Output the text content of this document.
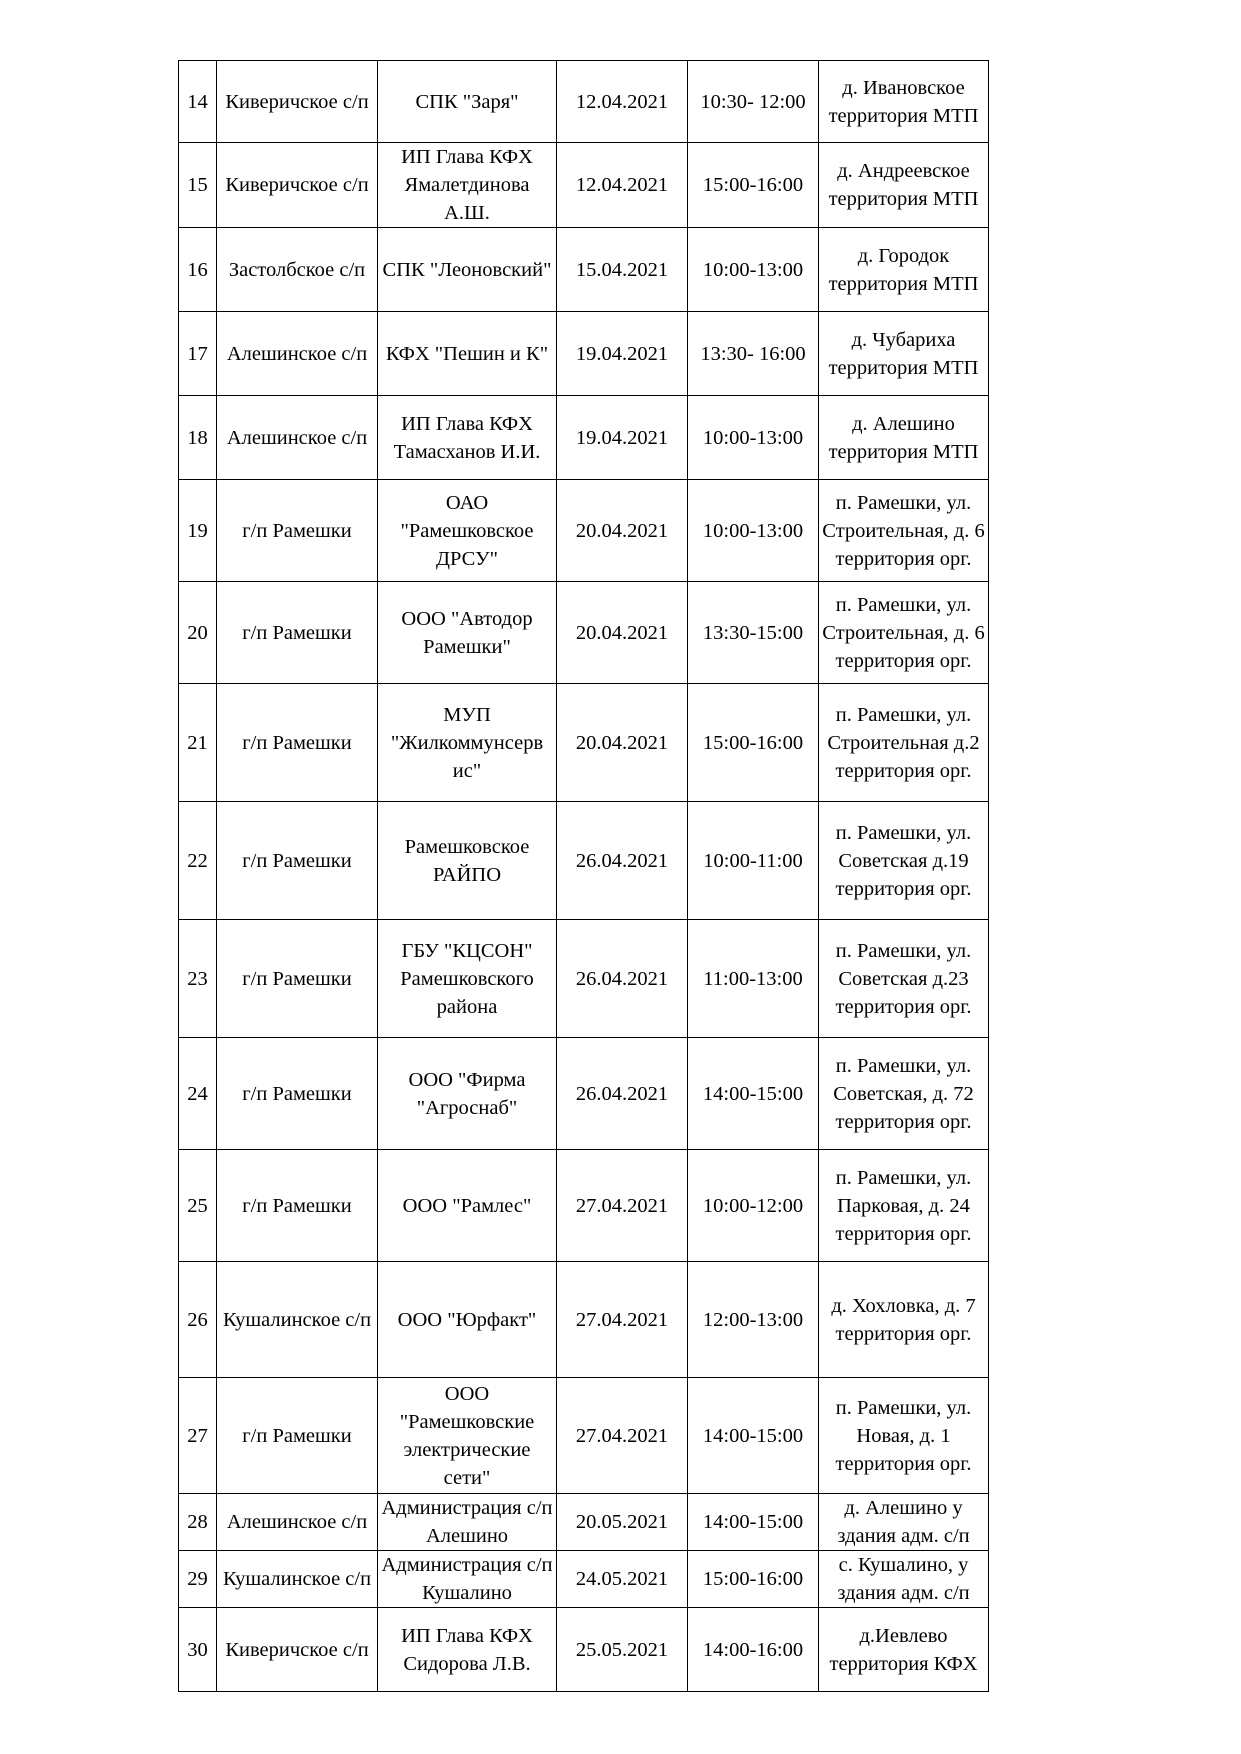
14	Киверичское с/п	СПК "Заря"	12.04.2021	10:30- 12:00	д. Ивановское территория МТП
15	Киверичское с/п	ИП Глава КФХ Ямалетдинова А.Ш.	12.04.2021	15:00-16:00	д. Андреевское территория МТП
16	Застолбское с/п	СПК "Леоновский"	15.04.2021	10:00-13:00	д. Городок территория МТП
17	Алешинское с/п	КФХ "Пешин и К"	19.04.2021	13:30- 16:00	д. Чубариха территория МТП
18	Алешинское с/п	ИП Глава КФХ Тамасханов И.И.	19.04.2021	10:00-13:00	д. Алешино территория МТП
19	г/п Рамешки	ОАО "Рамешковское ДРСУ"	20.04.2021	10:00-13:00	п. Рамешки, ул. Строительная, д. 6 территория орг.

20	г/п Рамешки	ООО "Автодор Рамешки"	20.04.2021	13:30-15:00	п. Рамешки, ул. Строительная, д. 6 территория орг.

21	г/п Рамешки	МУП "Жилкоммунсерв ис"	20.04.2021	15:00-16:00	п. Рамешки, ул. Строительная д.2 территория орг.
22	г/п Рамешки	Рамешковское РАЙПО	26.04.2021	10:00-11:00	п. Рамешки, ул. Советская д.19 территория орг.
23	г/п Рамешки	ГБУ "КЦСОН" Рамешковского района	26.04.2021	11:00-13:00	п. Рамешки, ул. Советская д.23 территория орг.
24	г/п Рамешки	ООО "Фирма "Агроснаб"	26.04.2021	14:00-15:00	п. Рамешки, ул. Советская, д. 72 территория орг.
25	г/п Рамешки	ООО "Рамлес"	27.04.2021	10:00-12:00	п. Рамешки, ул. Парковая, д. 24 территория орг.
26	Кушалинское с/п	ООО "Юрфакт"	27.04.2021	12:00-13:00	д. Хохловка, д. 7 территория орг.
27	г/п Рамешки	ООО "Рамешковские электрические сети"	27.04.2021	14:00-15:00	п. Рамешки, ул. Новая, д. 1 территория орг.
28	Алешинское с/п	Администрация с/п Алешино	20.05.2021	14:00-15:00	д. Алешино у здания адм. с/п
29	Кушалинское с/п	Администрация с/п Кушалино	24.05.2021	15:00-16:00	с. Кушалино, у здания адм. с/п
30	Киверичское с/п	ИП Глава КФХ Сидорова Л.В.	25.05.2021	14:00-16:00	д.Иевлево территория КФХ
